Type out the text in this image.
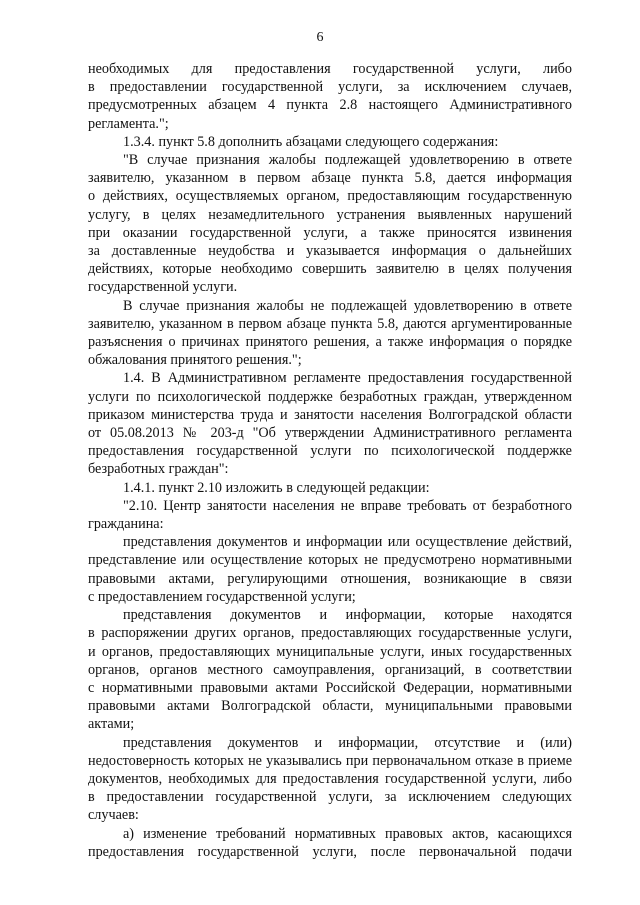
6

необходимых для предоставления государственной услуги, либо

в предоставлении государственной услуги, за исключением случаев,

предусмотренных абзацем 4 пункта 2.8 настоящего Административного

регламента.";

1.3.4. пункт 5.8 дополнить абзацами следующего содержания:

"В случае признания жалобы подлежащей удовлетворению в ответе

заявителю, указанном в первом абзаце пункта 5.8, дается информация

о действиях, осуществляемых органом, предоставляющим государственную

услугу, в целях незамедлительного устранения выявленных нарушений

при оказании государственной услуги, а также приносятся извинения

за доставленные неудобства и указывается информация о дальнейших

действиях, которые необходимо совершить заявителю в целях получения

государственной услуги.

В случае признания жалобы не подлежащей удовлетворению в ответе

заявителю, указанном в первом абзаце пункта 5.8, даются аргументированные

разъяснения о причинах принятого решения, а также информация о порядке

обжалования принятого решения.";

1.4. В Административном регламенте предоставления государственной

услуги по психологической поддержке безработных граждан, утвержденном

приказом министерства труда и занятости населения Волгоградской области

от 05.08.2013 № 203-д "Об утверждении Административного регламента

предоставления государственной услуги по психологической поддержке

безработных граждан":

1.4.1. пункт 2.10 изложить в следующей редакции:

"2.10. Центр занятости населения не вправе требовать от безработного

гражданина:

представления документов и информации или осуществление действий,

представление или осуществление которых не предусмотрено нормативными

правовыми актами, регулирующими отношения, возникающие в связи

с предоставлением государственной услуги;

представления документов и информации, которые находятся

в распоряжении других органов, предоставляющих государственные услуги,

и органов, предоставляющих муниципальные услуги, иных государственных

органов, органов местного самоуправления, организаций, в соответствии

с нормативными правовыми актами Российской Федерации, нормативными

правовыми актами Волгоградской области, муниципальными правовыми

актами;

представления документов и информации, отсутствие и (или)

недостоверность которых не указывались при первоначальном отказе в приеме

документов, необходимых для предоставления государственной услуги, либо

в предоставлении государственной услуги, за исключением следующих

случаев:

а) изменение требований нормативных правовых актов, касающихся

предоставления государственной услуги, после первоначальной подачи
